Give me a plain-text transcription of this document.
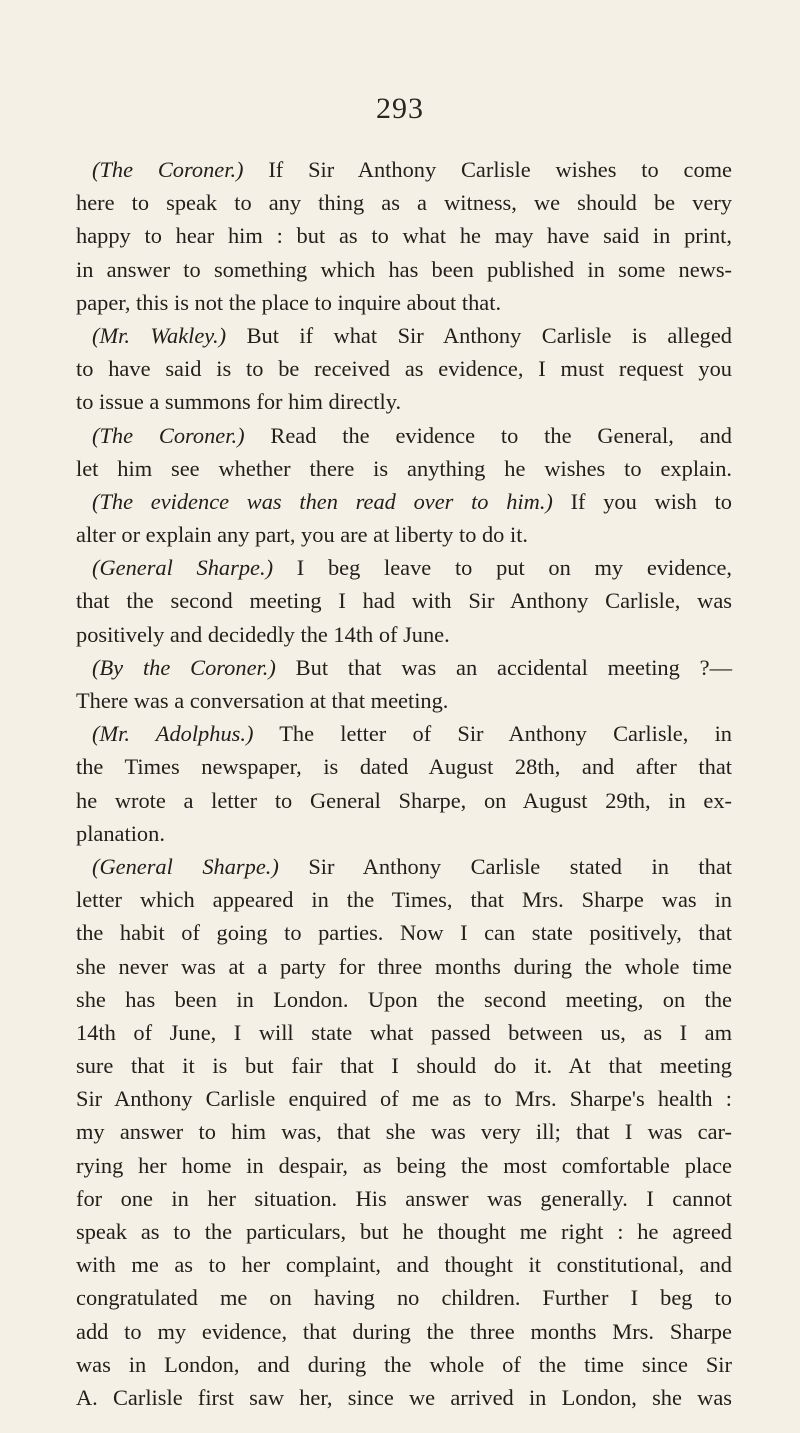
293
(The Coroner.) If Sir Anthony Carlisle wishes to come
here to speak to any thing as a witness, we should be very
happy to hear him : but as to what he may have said in print,
in answer to something which has been published in some news-
paper, this is not the place to inquire about that.
(Mr. Wakley.) But if what Sir Anthony Carlisle is alleged
to have said is to be received as evidence, I must request you
to issue a summons for him directly.
(The Coroner.) Read the evidence to the General, and
let him see whether there is anything he wishes to explain.
(The evidence was then read over to him.) If you wish to
alter or explain any part, you are at liberty to do it.
(General Sharpe.) I beg leave to put on my evidence,
that the second meeting I had with Sir Anthony Carlisle, was
positively and decidedly the 14th of June.
(By the Coroner.) But that was an accidental meeting ?—
There was a conversation at that meeting.
(Mr. Adolphus.) The letter of Sir Anthony Carlisle, in
the Times newspaper, is dated August 28th, and after that
he wrote a letter to General Sharpe, on August 29th, in ex-
planation.
(General Sharpe.) Sir Anthony Carlisle stated in that
letter which appeared in the Times, that Mrs. Sharpe was in
the habit of going to parties. Now I can state positively, that
she never was at a party for three months during the whole time
she has been in London. Upon the second meeting, on the
14th of June, I will state what passed between us, as I am
sure that it is but fair that I should do it. At that meeting
Sir Anthony Carlisle enquired of me as to Mrs. Sharpe's health :
my answer to him was, that she was very ill; that I was car-
rying her home in despair, as being the most comfortable place
for one in her situation. His answer was generally. I cannot
speak as to the particulars, but he thought me right : he agreed
with me as to her complaint, and thought it constitutional, and
congratulated me on having no children. Further I beg to
add to my evidence, that during the three months Mrs. Sharpe
was in London, and during the whole of the time since Sir
A. Carlisle first saw her, since we arrived in London, she was
